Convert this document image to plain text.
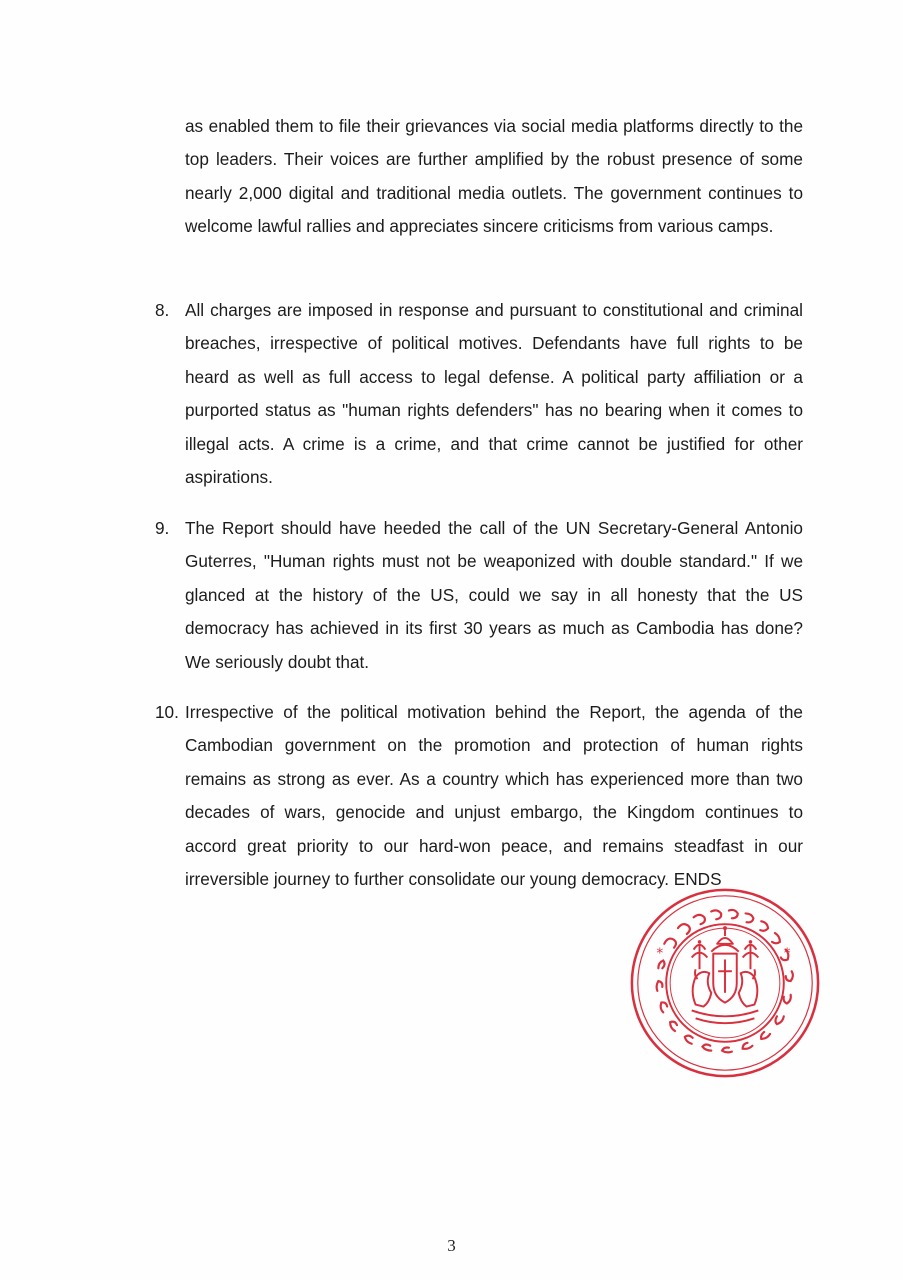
as enabled them to file their grievances via social media platforms directly to the top leaders. Their voices are further amplified by the robust presence of some nearly 2,000 digital and traditional media outlets. The government continues to welcome lawful rallies and appreciates sincere criticisms from various camps.

8. All charges are imposed in response and pursuant to constitutional and criminal breaches, irrespective of political motives. Defendants have full rights to be heard as well as full access to legal defense. A political party affiliation or a purported status as "human rights defenders" has no bearing when it comes to illegal acts. A crime is a crime, and that crime cannot be justified for other aspirations.
9. The Report should have heeded the call of the UN Secretary-General Antonio Guterres, "Human rights must not be weaponized with double standard." If we glanced at the history of the US, could we say in all honesty that the US democracy has achieved in its first 30 years as much as Cambodia has done? We seriously doubt that.
10. Irrespective of the political motivation behind the Report, the agenda of the Cambodian government on the promotion and protection of human rights remains as strong as ever. As a country which has experienced more than two decades of wars, genocide and unjust embargo, the Kingdom continues to accord great priority to our hard-won peace, and remains steadfast in our irreversible journey to further consolidate our young democracy. ENDS
*	*
3
